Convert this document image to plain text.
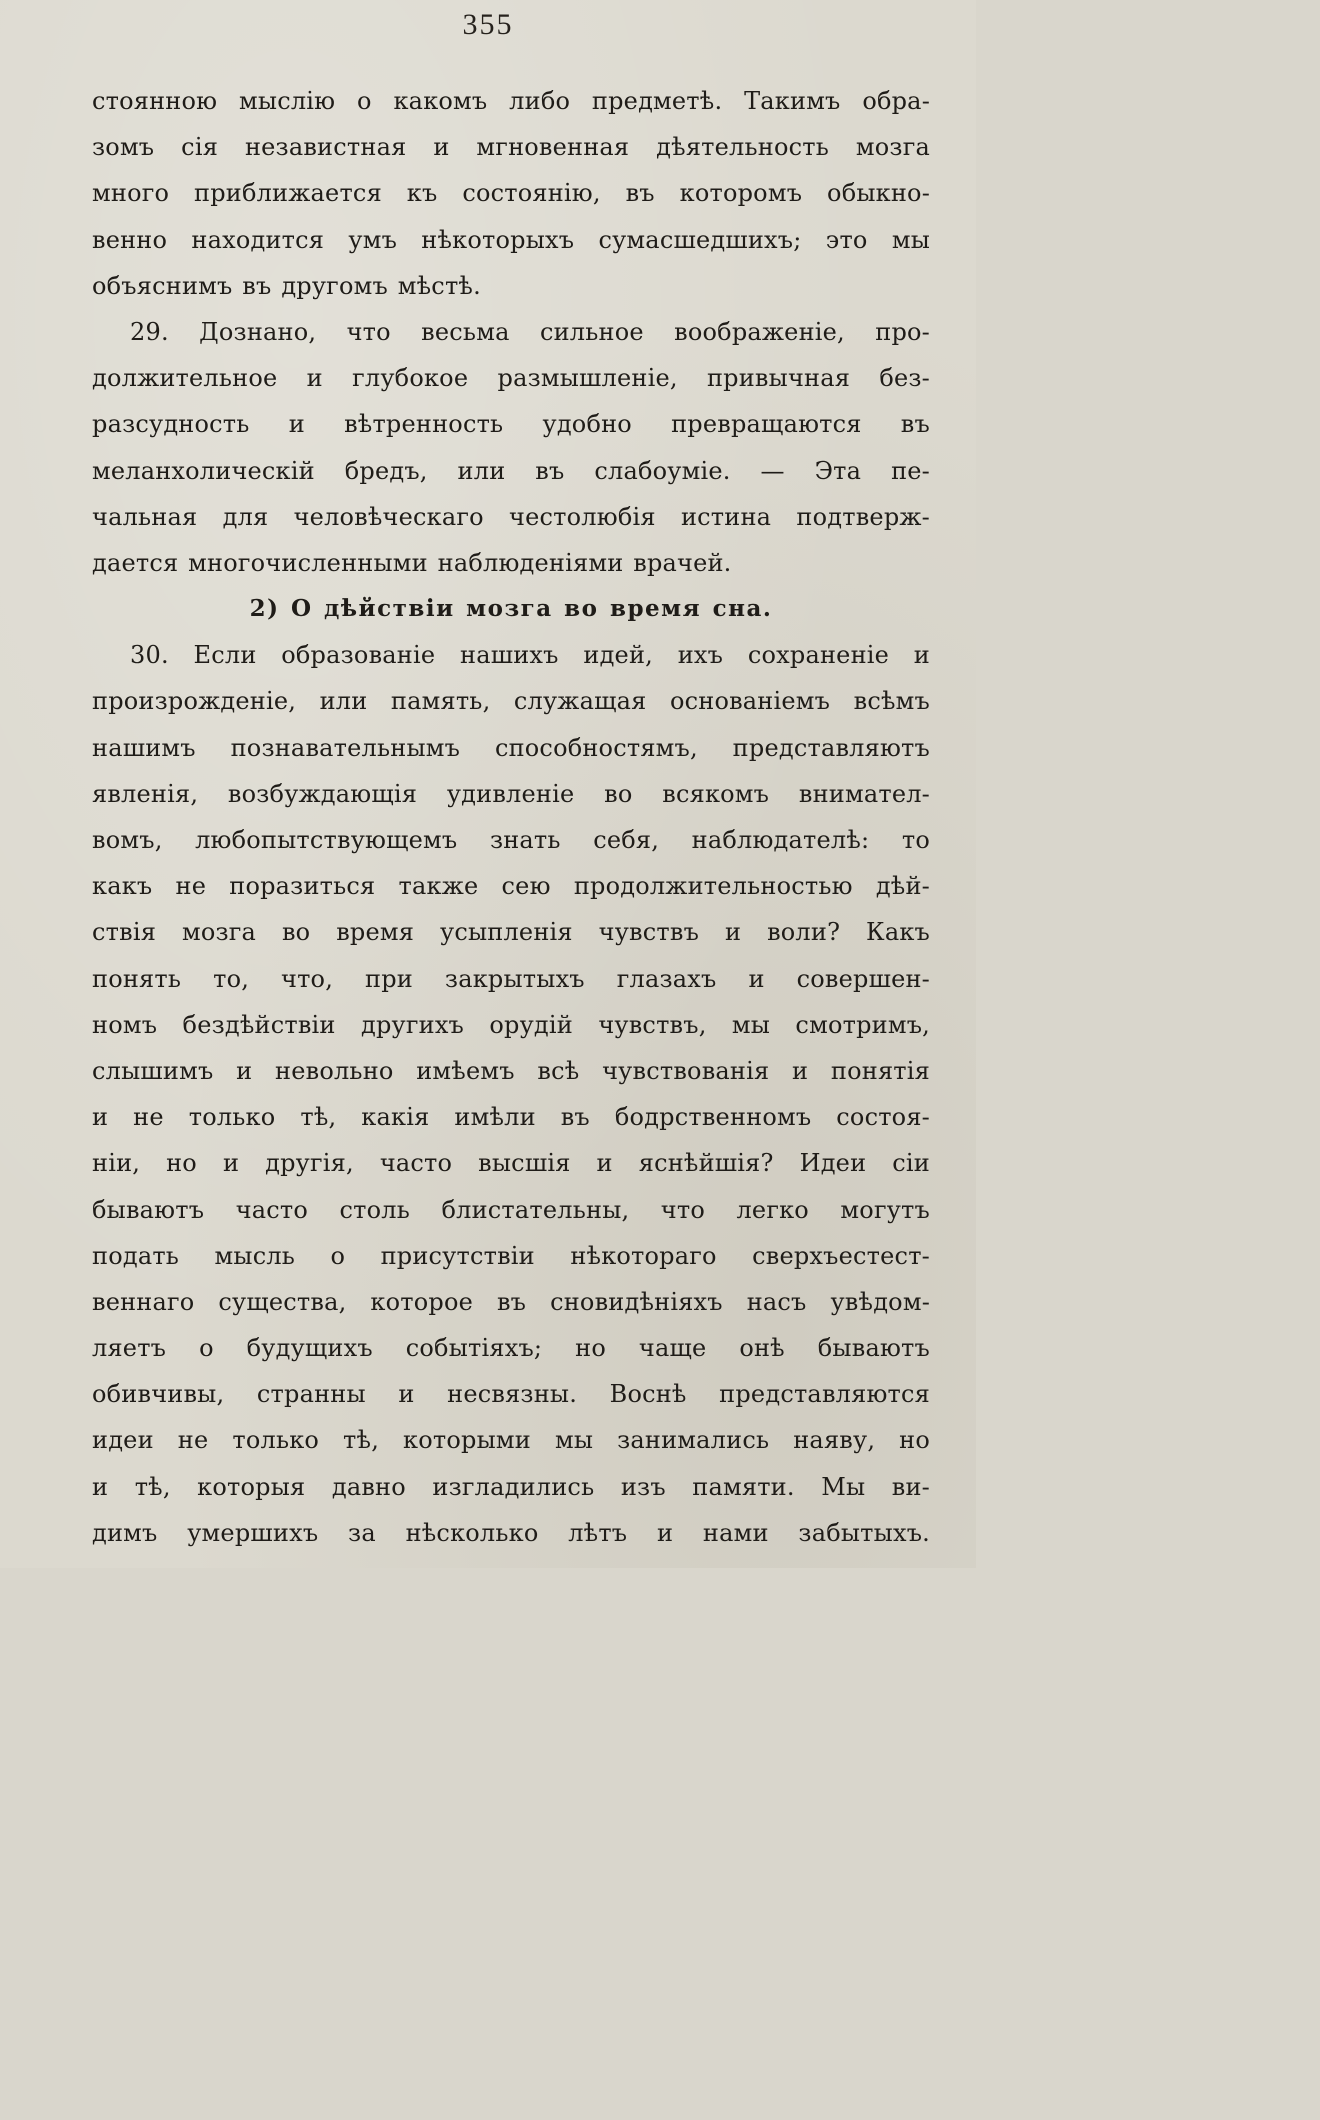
355
стоянною мыслію о какомъ либо предметѣ. Такимъ обра-
зомъ сія независтная и мгновенная дѣятельность мозга
много приближается къ состоянію, въ которомъ обыкно-
венно находится умъ нѣкоторыхъ сумасшедшихъ; это мы
объяснимъ въ другомъ мѣстѣ.
29. Дознано, что весьма сильное воображеніе, про-
должительное и глубокое размышленіе, привычная без-
разсудность и вѣтренность удобно превращаются въ
меланхолическій бредъ, или въ слабоуміе. — Эта пе-
чальная для человѣческаго честолюбія истина подтверж-
дается многочисленными наблюденіями врачей.
2) О дѣйствіи мозга во время сна.
30. Если образованіе нашихъ идей, ихъ сохраненіе и
произрожденіе, или память, служащая основаніемъ всѣмъ
нашимъ познавательнымъ способностямъ, представляютъ
явленія, возбуждающія удивленіе во всякомъ внимател-
вомъ, любопытствующемъ знать себя, наблюдателѣ: то
какъ не поразиться также сею продолжительностью дѣй-
ствія мозга во время усыпленія чувствъ и воли? Какъ
понять то, что, при закрытыхъ глазахъ и совершен-
номъ бездѣйствіи другихъ орудій чувствъ, мы смотримъ,
слышимъ и невольно имѣемъ всѣ чувствованія и понятія
и не только тѣ, какія имѣли въ бодрственномъ состоя-
ніи, но и другія, часто высшія и яснѣйшія? Идеи сіи
бываютъ часто столь блистательны, что легко могутъ
подать мысль о присутствіи нѣкотораго сверхъестест-
веннаго существа, которое въ сновидѣніяхъ насъ увѣдом-
ляетъ о будущихъ событіяхъ; но чаще онѣ бываютъ
обивчивы, странны и несвязны. Воснѣ представляются
идеи не только тѣ, которыми мы занимались наяву, но
и тѣ, которыя давно изгладились изъ памяти. Мы ви-
димъ умершихъ за нѣсколько лѣтъ и нами забытыхъ.
